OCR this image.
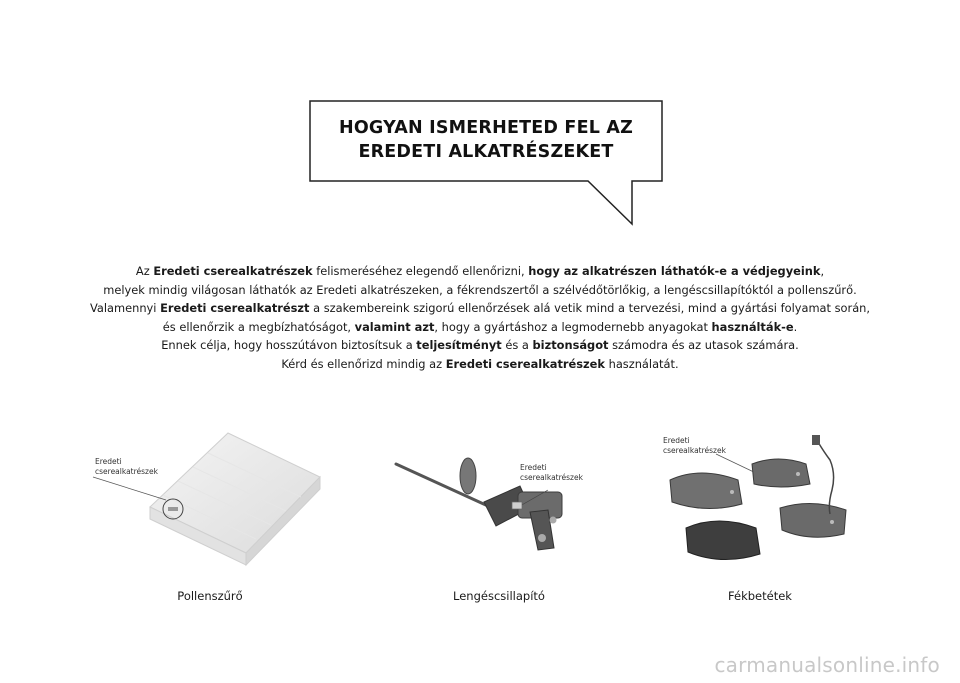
HOGYAN ISMERHETED FEL AZ
EREDETI ALKATRÉSZEKET

Az Eredeti cserealkatrészek felismeréséhez elegendő ellenőrizni, hogy az alkatrészen láthatók-e a védjegyeink,

melyek mindig világosan láthatók az Eredeti alkatrészeken, a fékrendszertől a szélvédőtörlőkig, a lengéscsillapítóktól a pollenszűrő.

Valamennyi Eredeti cserealkatrészt a szakembereink szigorú ellenőrzések alá vetik mind a tervezési, mind a gyártási folyamat során,

és ellenőrzik a megbízhatóságot, valamint azt, hogy a gyártáshoz a legmodernebb anyagokat használták-e.

Ennek célja, hogy hosszútávon biztosítsuk a teljesítményt és a biztonságot számodra és az utasok számára.

Kérd és ellenőrizd mindig az Eredeti cserealkatrészek használatát.

Eredeti
cserealkatrészek
Pollenszűrő
Eredeti
cserealkatrészek
Lengéscsillapító
Eredeti
cserealkatrészek
Fékbetétek
carmanualsonline.info
